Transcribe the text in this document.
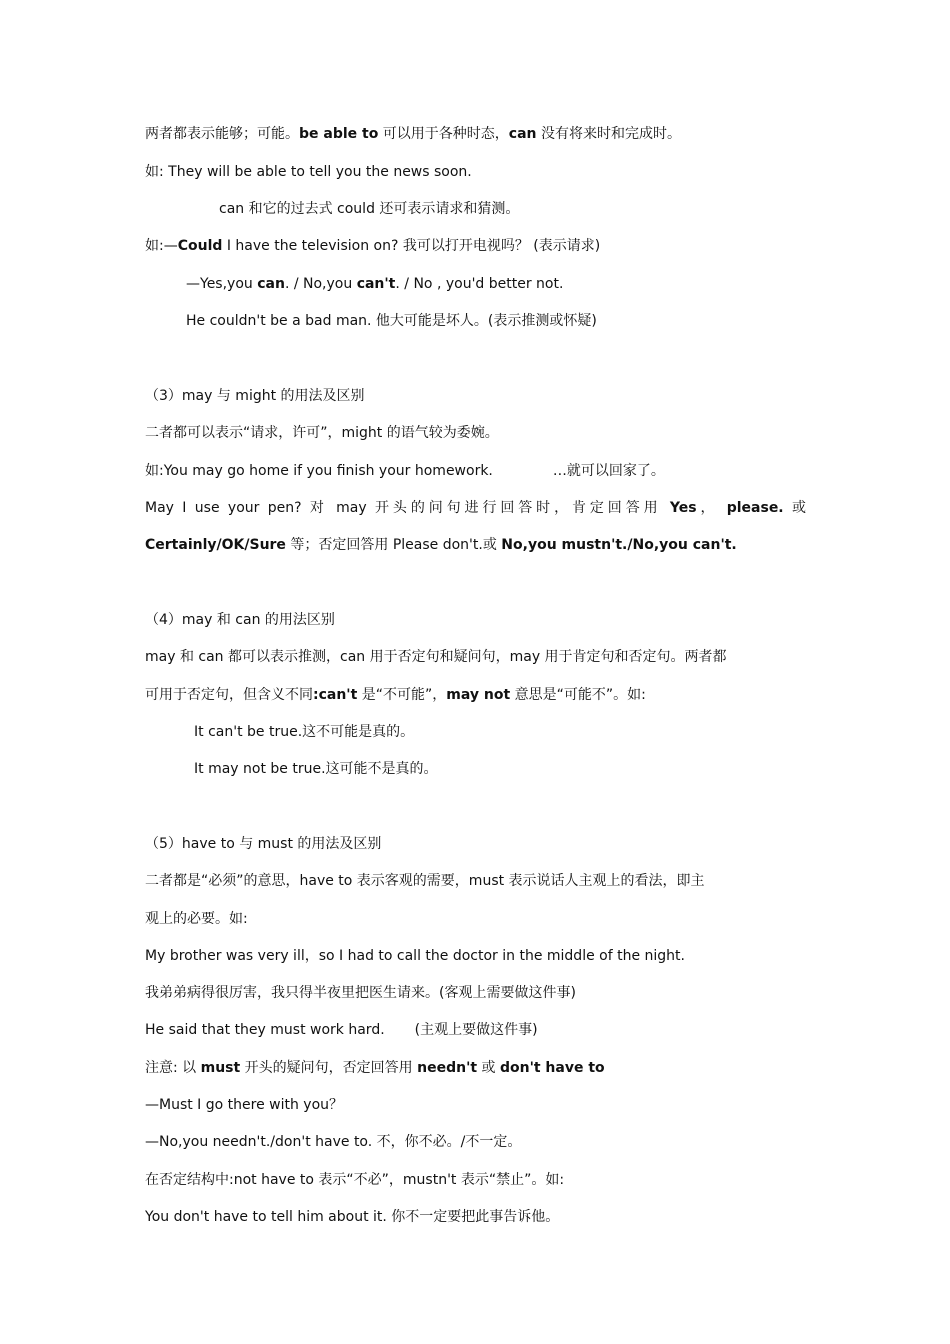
两者都表示能够；可能。be able to 可以用于各种时态，can 没有将来时和完成时。
如: They will be able to tell you the news soon.
can 和它的过去式 could 还可表示请求和猜测。
如:—Could I have the television on? 我可以打开电视吗？ (表示请求)
—Yes,you can. / No,you can't. / No , you'd better not.
He couldn't be a bad man. 他大可能是坏人。(表示推测或怀疑)
（3）may 与 might 的用法及区别
二者都可以表示“请求，许可”，might 的语气较为委婉。
如:You may go home if you finish your homework.	…就可以回家了。
May I use your pen? 对 may 开头的问句进行回答时，肯定回答用 Yes， please. 或
Certainly/OK/Sure 等；否定回答用 Please don't.或 No,you mustn't./No,you can't.
（4）may 和 can 的用法区别
may 和 can 都可以表示推测，can 用于否定句和疑问句，may 用于肯定句和否定句。两者都
可用于否定句，但含义不同:can't 是“不可能”，may not 意思是“可能不”。如:
It can't be true.这不可能是真的。
It may not be true.这可能不是真的。
（5）have to 与 must 的用法及区别
二者都是“必须”的意思，have to 表示客观的需要，must 表示说话人主观上的看法，即主
观上的必要。如:
My brother was very ill，so I had to call the doctor in the middle of the night.
我弟弟病得很厉害，我只得半夜里把医生请来。(客观上需要做这件事)
He said that they must work hard. (主观上要做这件事)
注意: 以 must 开头的疑问句，否定回答用 needn't 或 don't have to
—Must I go there with you？
—No,you needn't./don't have to. 不，你不必。/不一定。
在否定结构中:not have to 表示“不必”，mustn't 表示“禁止”。如:
You don't have to tell him about it. 你不一定要把此事告诉他。
